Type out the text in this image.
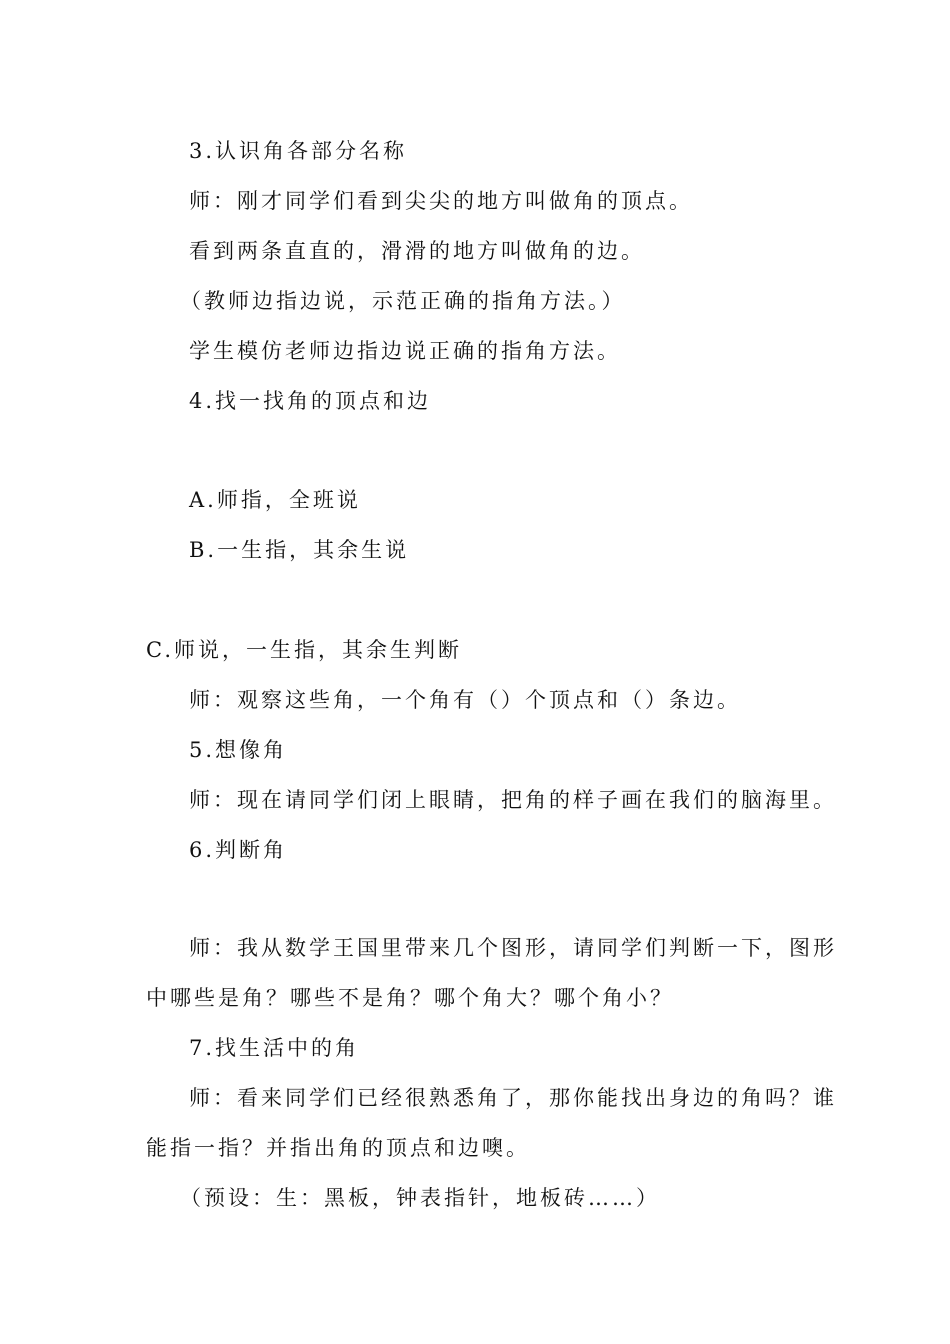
3.认识角各部分名称
师：刚才同学们看到尖尖的地方叫做角的顶点。
看到两条直直的，滑滑的地方叫做角的边。
（教师边指边说，示范正确的指角方法。）
学生模仿老师边指边说正确的指角方法。
4.找一找角的顶点和边
A.师指，全班说
B.一生指，其余生说
C.师说，一生指，其余生判断
师：观察这些角，一个角有（）个顶点和（）条边。
5.想像角
师：现在请同学们闭上眼睛，把角的样子画在我们的脑海里。
6.判断角
师：我从数学王国里带来几个图形，请同学们判断一下，图形
中哪些是角？哪些不是角？哪个角大？哪个角小？
7.找生活中的角
师：看来同学们已经很熟悉角了，那你能找出身边的角吗？谁
能指一指？并指出角的顶点和边噢。
（预设：生：黑板，钟表指针，地板砖……）
